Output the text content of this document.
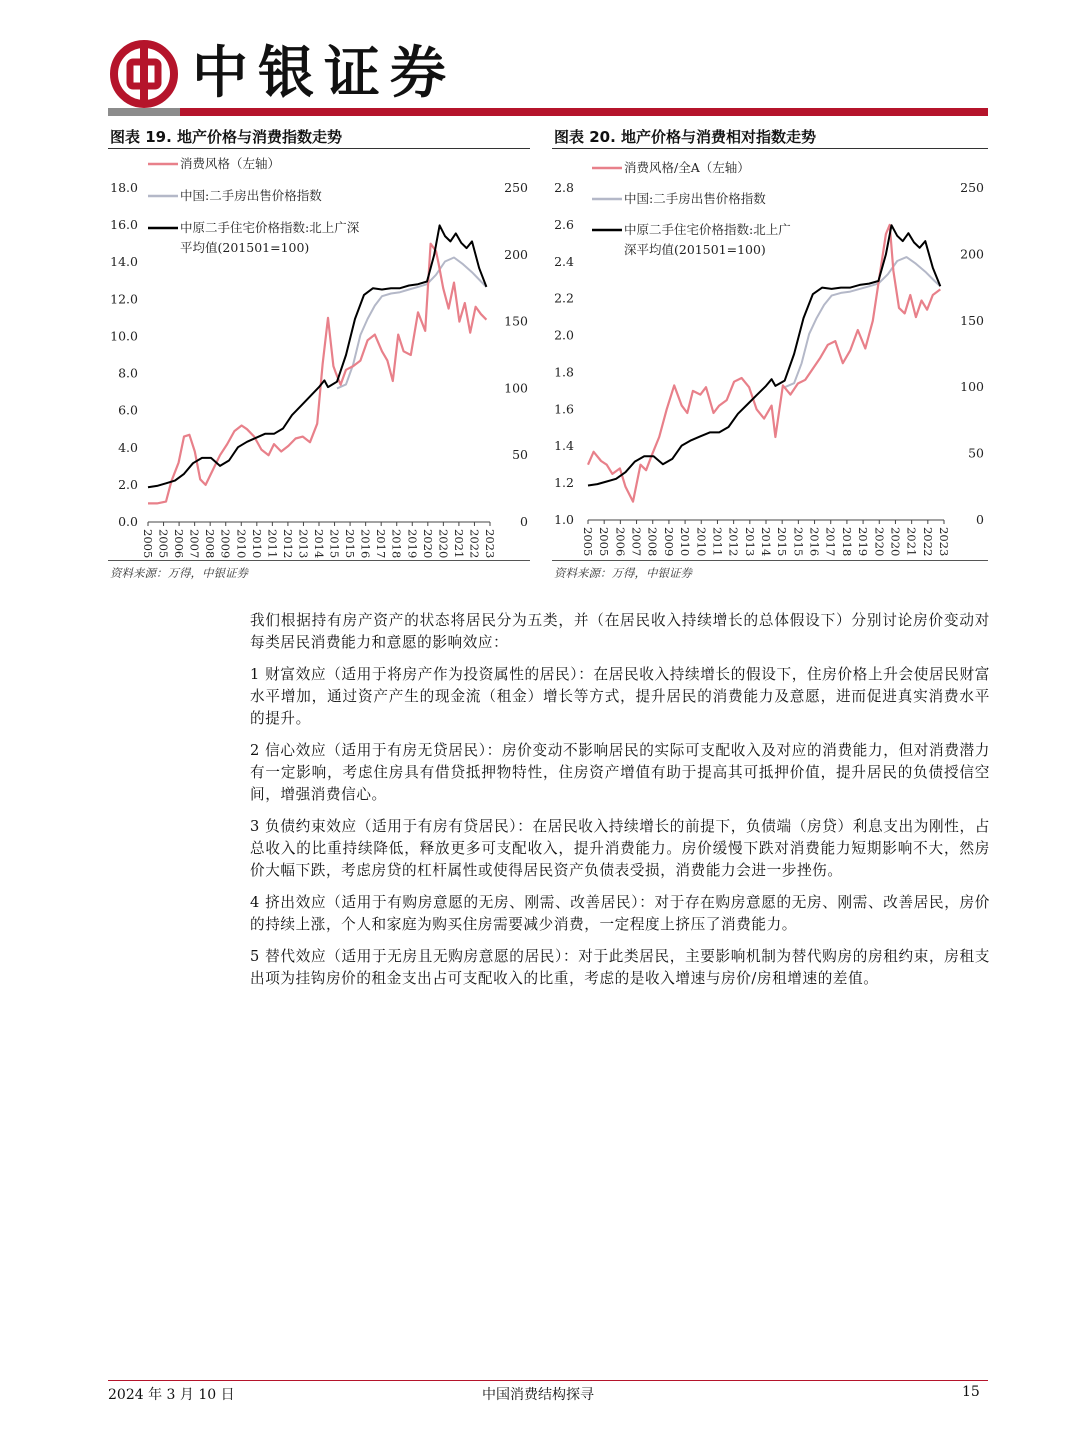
中银证券
图表 19. 地产价格与消费指数走势
0.0
2.0
4.0
6.0
8.0
10.0
12.0
14.0
16.0
18.0
0
50
100
150
200
250
2005 2005 2006 2007 2008 2009 2010 2010 2011 2012 2013 2014 2015 2015 2016 2017 2018 2019 2020 2020 2021 2022 2023
消费风格（左轴）
中国:二手房出售价格指数
中原二手住宅价格指数:北上广深
平均值(201501=100)
资料来源：万得，中银证券
图表 20. 地产价格与消费相对指数走势
1.0
1.2
1.4
1.6
1.8
2.0
2.2
2.4
2.6
2.8
0
50
100
150
200
250
2005 2005 2006 2007 2008 2009 2010 2010 2011 2012 2013 2014 2015 2015 2016 2017 2018 2019 2020 2020 2021 2022 2023
消费风格/全A（左轴）
中国:二手房出售价格指数
中原二手住宅价格指数:北上广
深平均值(201501=100)
资料来源：万得，中银证券

我们根据持有房产资产的状态将居民分为五类，并（在居民收入持续增长的总体假设下）分别讨论房价变动对每类居民消费能力和意愿的影响效应：

1 财富效应（适用于将房产作为投资属性的居民）：在居民收入持续增长的假设下，住房价格上升会使居民财富水平增加，通过资产产生的现金流（租金）增长等方式，提升居民的消费能力及意愿，进而促进真实消费水平的提升。

2 信心效应（适用于有房无贷居民）：房价变动不影响居民的实际可支配收入及对应的消费能力，但对消费潜力有一定影响，考虑住房具有借贷抵押物特性，住房资产增值有助于提高其可抵押价值，提升居民的负债授信空间，增强消费信心。

3 负债约束效应（适用于有房有贷居民）：在居民收入持续增长的前提下，负债端（房贷）利息支出为刚性，占总收入的比重持续降低，释放更多可支配收入，提升消费能力。房价缓慢下跌对消费能力短期影响不大，然房价大幅下跌，考虑房贷的杠杆属性或使得居民资产负债表受损，消费能力会进一步挫伤。

4 挤出效应（适用于有购房意愿的无房、刚需、改善居民）：对于存在购房意愿的无房、刚需、改善居民，房价的持续上涨，个人和家庭为购买住房需要减少消费，一定程度上挤压了消费能力。

5 替代效应（适用于无房且无购房意愿的居民）：对于此类居民，主要影响机制为替代购房的房租约束，房租支出项为挂钩房价的租金支出占可支配收入的比重，考虑的是收入增速与房价/房租增速的差值。

2024 年 3 月 10 日	中国消费结构探寻	15
